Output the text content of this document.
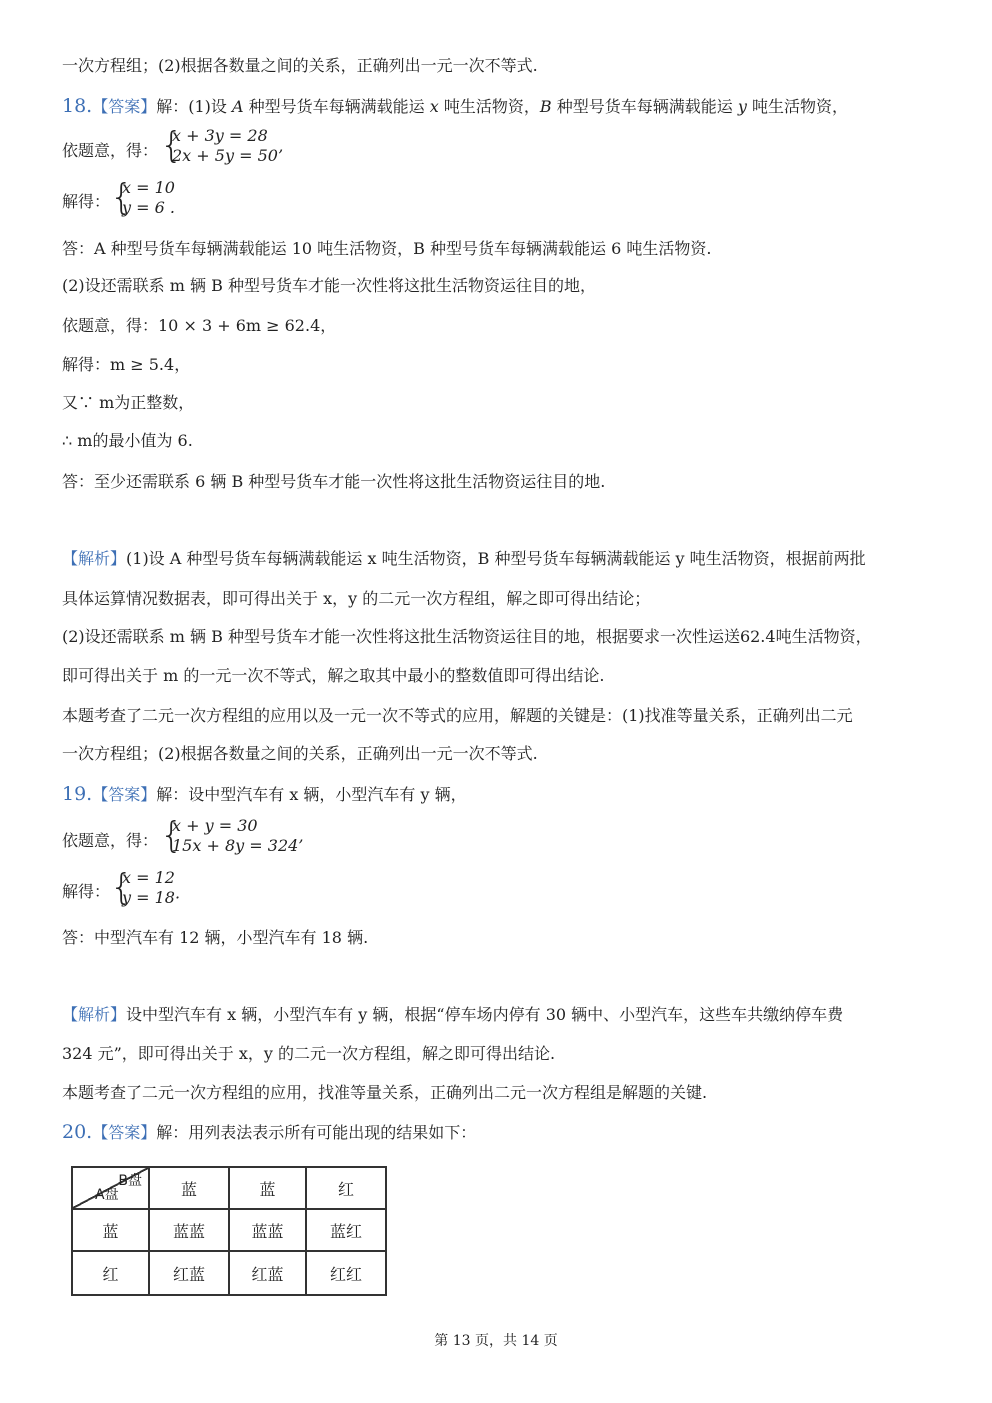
一次方程组；(2)根据各数量之间的关系，正确列出一元一次不等式.
18.【答案】解：(1)设 A 种型号货车每辆满载能运 x 吨生活物资，B 种型号货车每辆满载能运 y 吨生活物资，
依题意，得： {
x + 3y = 28
2x + 5y = 50’
解得： {
x = 10
y = 6 .
答：A 种型号货车每辆满载能运 10 吨生活物资，B 种型号货车每辆满载能运 6 吨生活物资.
(2)设还需联系 m 辆 B 种型号货车才能一次性将这批生活物资运往目的地，
依题意，得：10 × 3 + 6m ≥ 62.4，
解得：m ≥ 5.4，
又∵ m为正整数，
∴ m的最小值为 6.
答：至少还需联系 6 辆 B 种型号货车才能一次性将这批生活物资运往目的地.
【解析】(1)设 A 种型号货车每辆满载能运 x 吨生活物资，B 种型号货车每辆满载能运 y 吨生活物资，根据前两批
具体运算情况数据表，即可得出关于 x，y 的二元一次方程组，解之即可得出结论；
(2)设还需联系 m 辆 B 种型号货车才能一次性将这批生活物资运往目的地，根据要求一次性运送62.4吨生活物资，
即可得出关于 m 的一元一次不等式，解之取其中最小的整数值即可得出结论.
本题考查了二元一次方程组的应用以及一元一次不等式的应用，解题的关键是：(1)找准等量关系，正确列出二元
一次方程组；(2)根据各数量之间的关系，正确列出一元一次不等式.
19.【答案】解：设中型汽车有 x 辆，小型汽车有 y 辆，
依题意，得： {
x + y = 30
15x + 8y = 324’
解得： {
x = 12
y = 18·
答：中型汽车有 12 辆，小型汽车有 18 辆.
【解析】设中型汽车有 x 辆，小型汽车有 y 辆，根据“停车场内停有 30 辆中、小型汽车，这些车共缴纳停车费
324 元”，即可得出关于 x，y 的二元一次方程组，解之即可得出结论.
本题考查了二元一次方程组的应用，找准等量关系，正确列出二元一次方程组是解题的关键.
20.【答案】解：用列表法表示所有可能出现的结果如下：
B盘
A盘	蓝	蓝	红
蓝	蓝蓝	蓝蓝	蓝红
红	红蓝	红蓝	红红
第 13 页，共 14 页
